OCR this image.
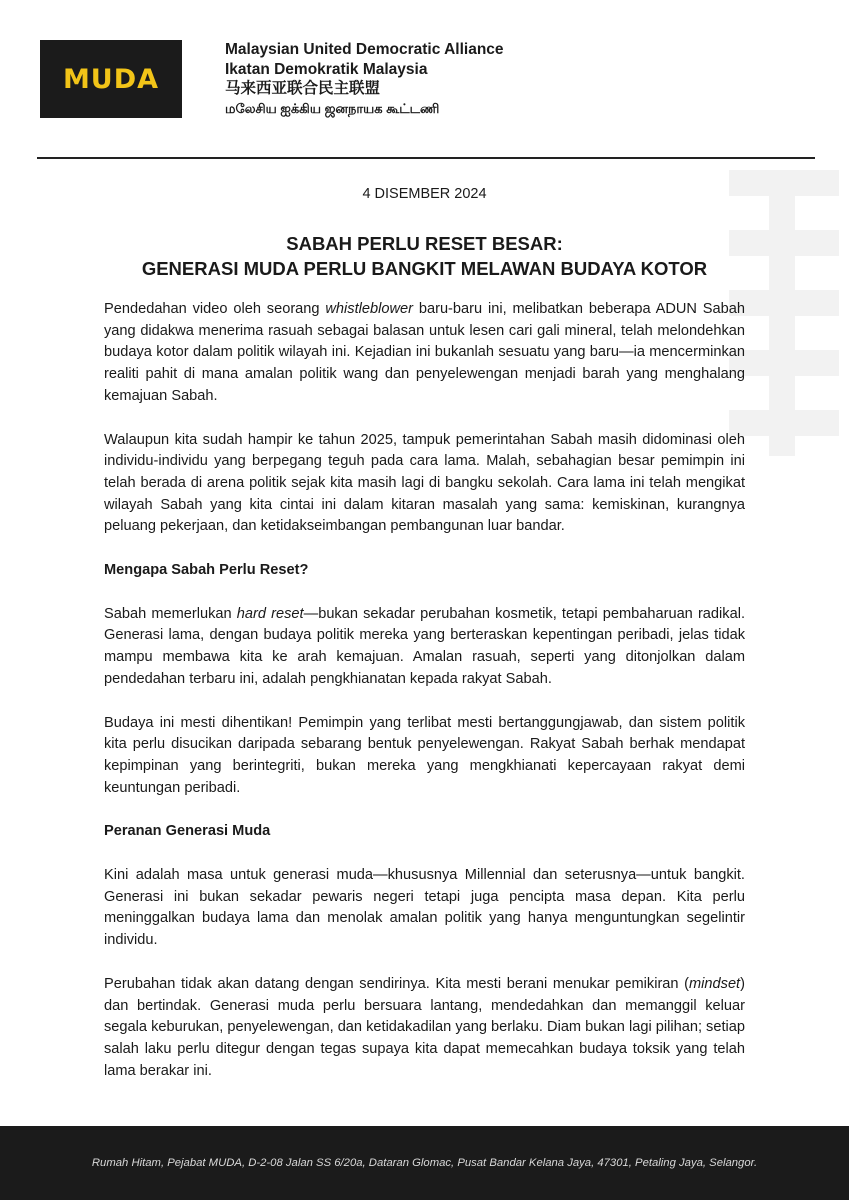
MUDA
Malaysian United Democratic Alliance
Ikatan Demokratik Malaysia
马来西亚联合民主联盟
மலேசிய ஐக்கிய ஜனநாயக கூட்டணி
4 DISEMBER 2024
SABAH PERLU RESET BESAR:
GENERASI MUDA PERLU BANGKIT MELAWAN BUDAYA KOTOR

Pendedahan video oleh seorang whistleblower baru-baru ini, melibatkan beberapa ADUN Sabah yang didakwa menerima rasuah sebagai balasan untuk lesen cari gali mineral, telah melondehkan budaya kotor dalam politik wilayah ini. Kejadian ini bukanlah sesuatu yang baru—ia mencerminkan realiti pahit di mana amalan politik wang dan penyelewengan menjadi barah yang menghalang kemajuan Sabah.

Walaupun kita sudah hampir ke tahun 2025, tampuk pemerintahan Sabah masih didominasi oleh individu-individu yang berpegang teguh pada cara lama. Malah, sebahagian besar pemimpin ini telah berada di arena politik sejak kita masih lagi di bangku sekolah. Cara lama ini telah mengikat wilayah Sabah yang kita cintai ini dalam kitaran masalah yang sama: kemiskinan, kurangnya peluang pekerjaan, dan ketidakseimbangan pembangunan luar bandar.

Mengapa Sabah Perlu Reset?

Sabah memerlukan hard reset—bukan sekadar perubahan kosmetik, tetapi pembaharuan radikal. Generasi lama, dengan budaya politik mereka yang berteraskan kepentingan peribadi, jelas tidak mampu membawa kita ke arah kemajuan. Amalan rasuah, seperti yang ditonjolkan dalam pendedahan terbaru ini, adalah pengkhianatan kepada rakyat Sabah.

Budaya ini mesti dihentikan! Pemimpin yang terlibat mesti bertanggungjawab, dan sistem politik kita perlu disucikan daripada sebarang bentuk penyelewengan. Rakyat Sabah berhak mendapat kepimpinan yang berintegriti, bukan mereka yang mengkhianati kepercayaan rakyat demi keuntungan peribadi.

Peranan Generasi Muda

Kini adalah masa untuk generasi muda—khususnya Millennial dan seterusnya—untuk bangkit. Generasi ini bukan sekadar pewaris negeri tetapi juga pencipta masa depan. Kita perlu meninggalkan budaya lama dan menolak amalan politik yang hanya menguntungkan segelintir individu.

Perubahan tidak akan datang dengan sendirinya. Kita mesti berani menukar pemikiran (mindset) dan bertindak. Generasi muda perlu bersuara lantang, mendedahkan dan memanggil keluar segala keburukan, penyelewengan, dan ketidakadilan yang berlaku. Diam bukan lagi pilihan; setiap salah laku perlu ditegur dengan tegas supaya kita dapat memecahkan budaya toksik yang telah lama berakar ini.

Rumah Hitam, Pejabat MUDA, D-2-08 Jalan SS 6/20a, Dataran Glomac, Pusat Bandar Kelana Jaya, 47301, Petaling Jaya, Selangor.
